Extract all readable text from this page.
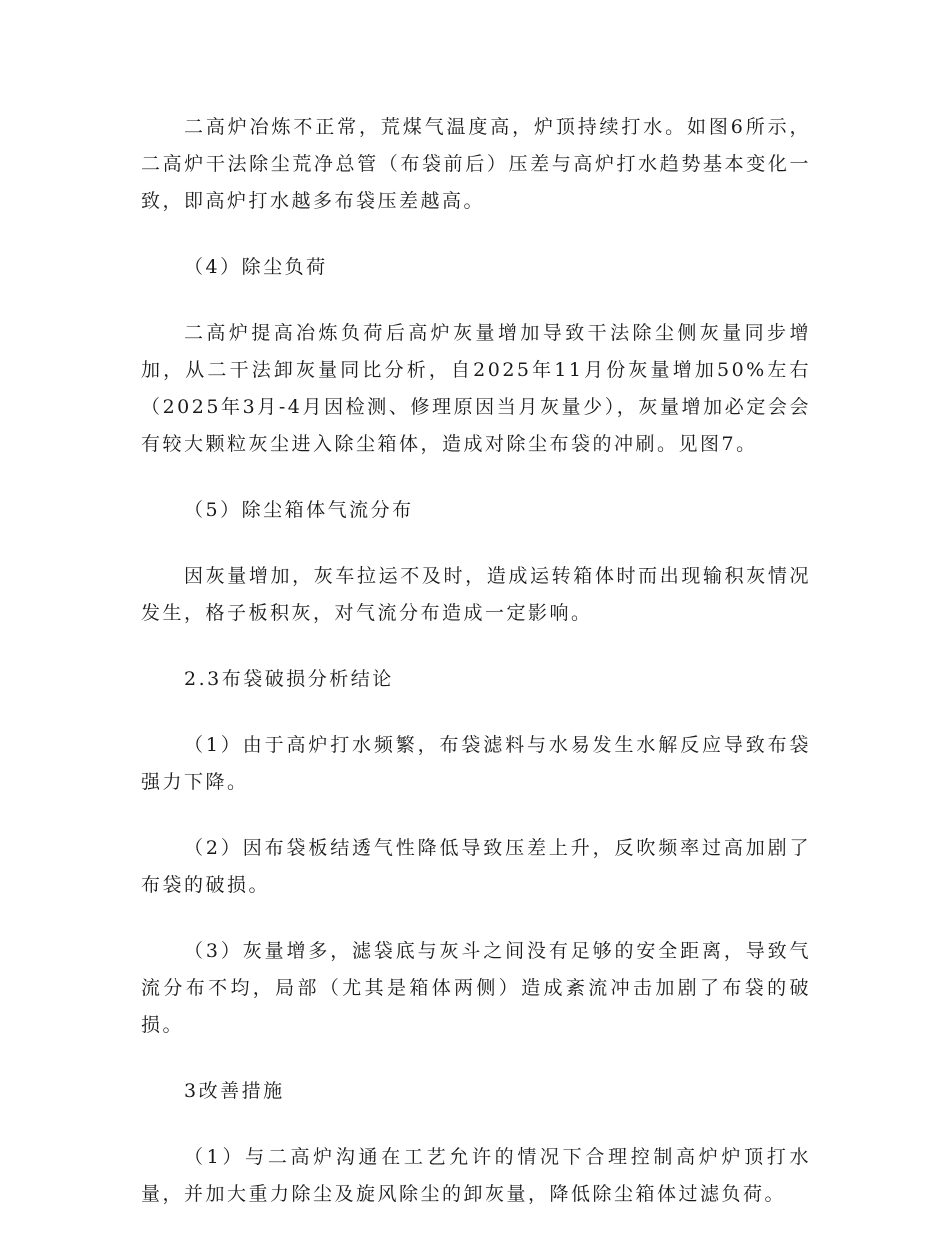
二高炉冶炼不正常，荒煤气温度高，炉顶持续打水。如图6所示，二高炉干法除尘荒净总管（布袋前后）压差与高炉打水趋势基本变化一致，即高炉打水越多布袋压差越高。

（4）除尘负荷

二高炉提高冶炼负荷后高炉灰量增加导致干法除尘侧灰量同步增加，从二干法卸灰量同比分析，自2025年11月份灰量增加50%左右（2025年3月-4月因检测、修理原因当月灰量少），灰量增加必定会会有较大颗粒灰尘进入除尘箱体，造成对除尘布袋的冲刷。见图7。

（5）除尘箱体气流分布

因灰量增加，灰车拉运不及时，造成运转箱体时而出现输积灰情况发生，格子板积灰，对气流分布造成一定影响。

2.3布袋破损分析结论

（1）由于高炉打水频繁，布袋滤料与水易发生水解反应导致布袋强力下降。

（2）因布袋板结透气性降低导致压差上升，反吹频率过高加剧了布袋的破损。

（3）灰量增多，滤袋底与灰斗之间没有足够的安全距离，导致气流分布不均，局部（尤其是箱体两侧）造成紊流冲击加剧了布袋的破损。

3改善措施

（1）与二高炉沟通在工艺允许的情况下合理控制高炉炉顶打水量，并加大重力除尘及旋风除尘的卸灰量，降低除尘箱体过滤负荷。
